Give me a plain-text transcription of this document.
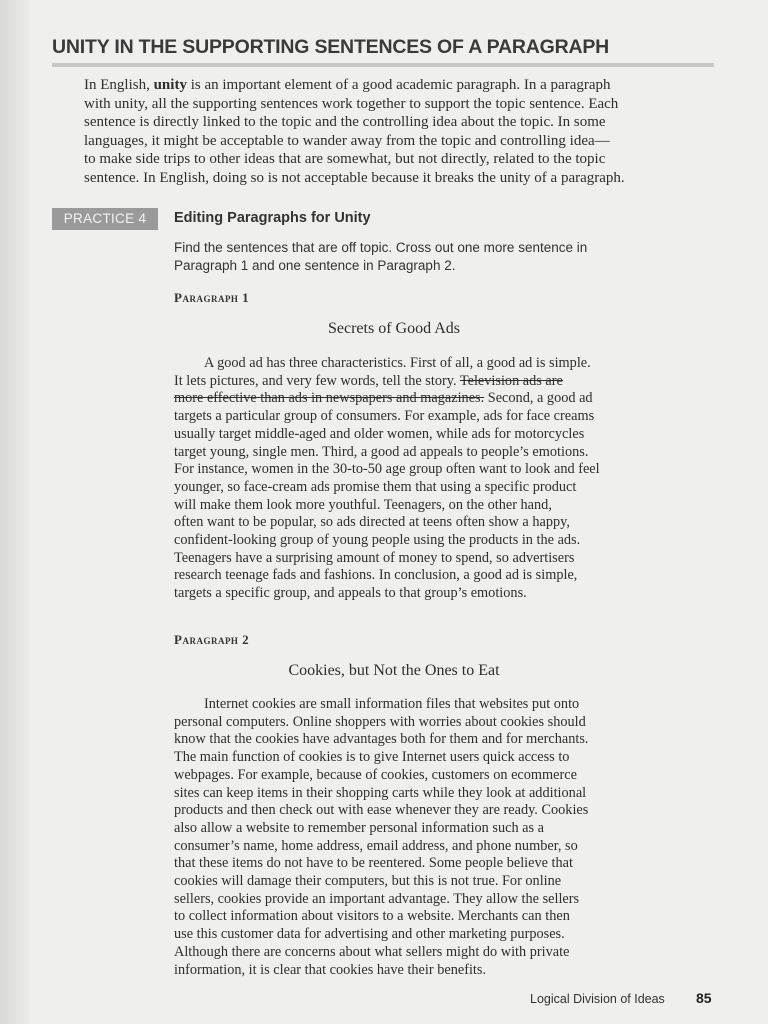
UNITY IN THE SUPPORTING SENTENCES OF A PARAGRAPH

In English, unity is an important element of a good academic paragraph. In a paragraph

with unity, all the supporting sentences work together to support the topic sentence. Each

sentence is directly linked to the topic and the controlling idea about the topic. In some

languages, it might be acceptable to wander away from the topic and controlling idea—

to make side trips to other ideas that are somewhat, but not directly, related to the topic

sentence. In English, doing so is not acceptable because it breaks the unity of a paragraph.

PRACTICE 4	Editing Paragraphs for Unity

Find the sentences that are off topic. Cross out one more sentence in

Paragraph 1 and one sentence in Paragraph 2.

Paragraph 1
Secrets of Good Ads

A good ad has three characteristics. First of all, a good ad is simple.

It lets pictures, and very few words, tell the story. Television ads are

more effective than ads in newspapers and magazines. Second, a good ad

targets a particular group of consumers. For example, ads for face creams

usually target middle-aged and older women, while ads for motorcycles

target young, single men. Third, a good ad appeals to people’s emotions.

For instance, women in the 30-to-50 age group often want to look and feel

younger, so face-cream ads promise them that using a specific product

will make them look more youthful. Teenagers, on the other hand,

often want to be popular, so ads directed at teens often show a happy,

confident-looking group of young people using the products in the ads.

Teenagers have a surprising amount of money to spend, so advertisers

research teenage fads and fashions. In conclusion, a good ad is simple,

targets a specific group, and appeals to that group’s emotions.

Paragraph 2
Cookies, but Not the Ones to Eat

Internet cookies are small information files that websites put onto

personal computers. Online shoppers with worries about cookies should

know that the cookies have advantages both for them and for merchants.

The main function of cookies is to give Internet users quick access to

webpages. For example, because of cookies, customers on ecommerce

sites can keep items in their shopping carts while they look at additional

products and then check out with ease whenever they are ready. Cookies

also allow a website to remember personal information such as a

consumer’s name, home address, email address, and phone number, so

that these items do not have to be reentered. Some people believe that

cookies will damage their computers, but this is not true. For online

sellers, cookies provide an important advantage. They allow the sellers

to collect information about visitors to a website. Merchants can then

use this customer data for advertising and other marketing purposes.

Although there are concerns about what sellers might do with private

information, it is clear that cookies have their benefits.

Logical Division of Ideas 85
